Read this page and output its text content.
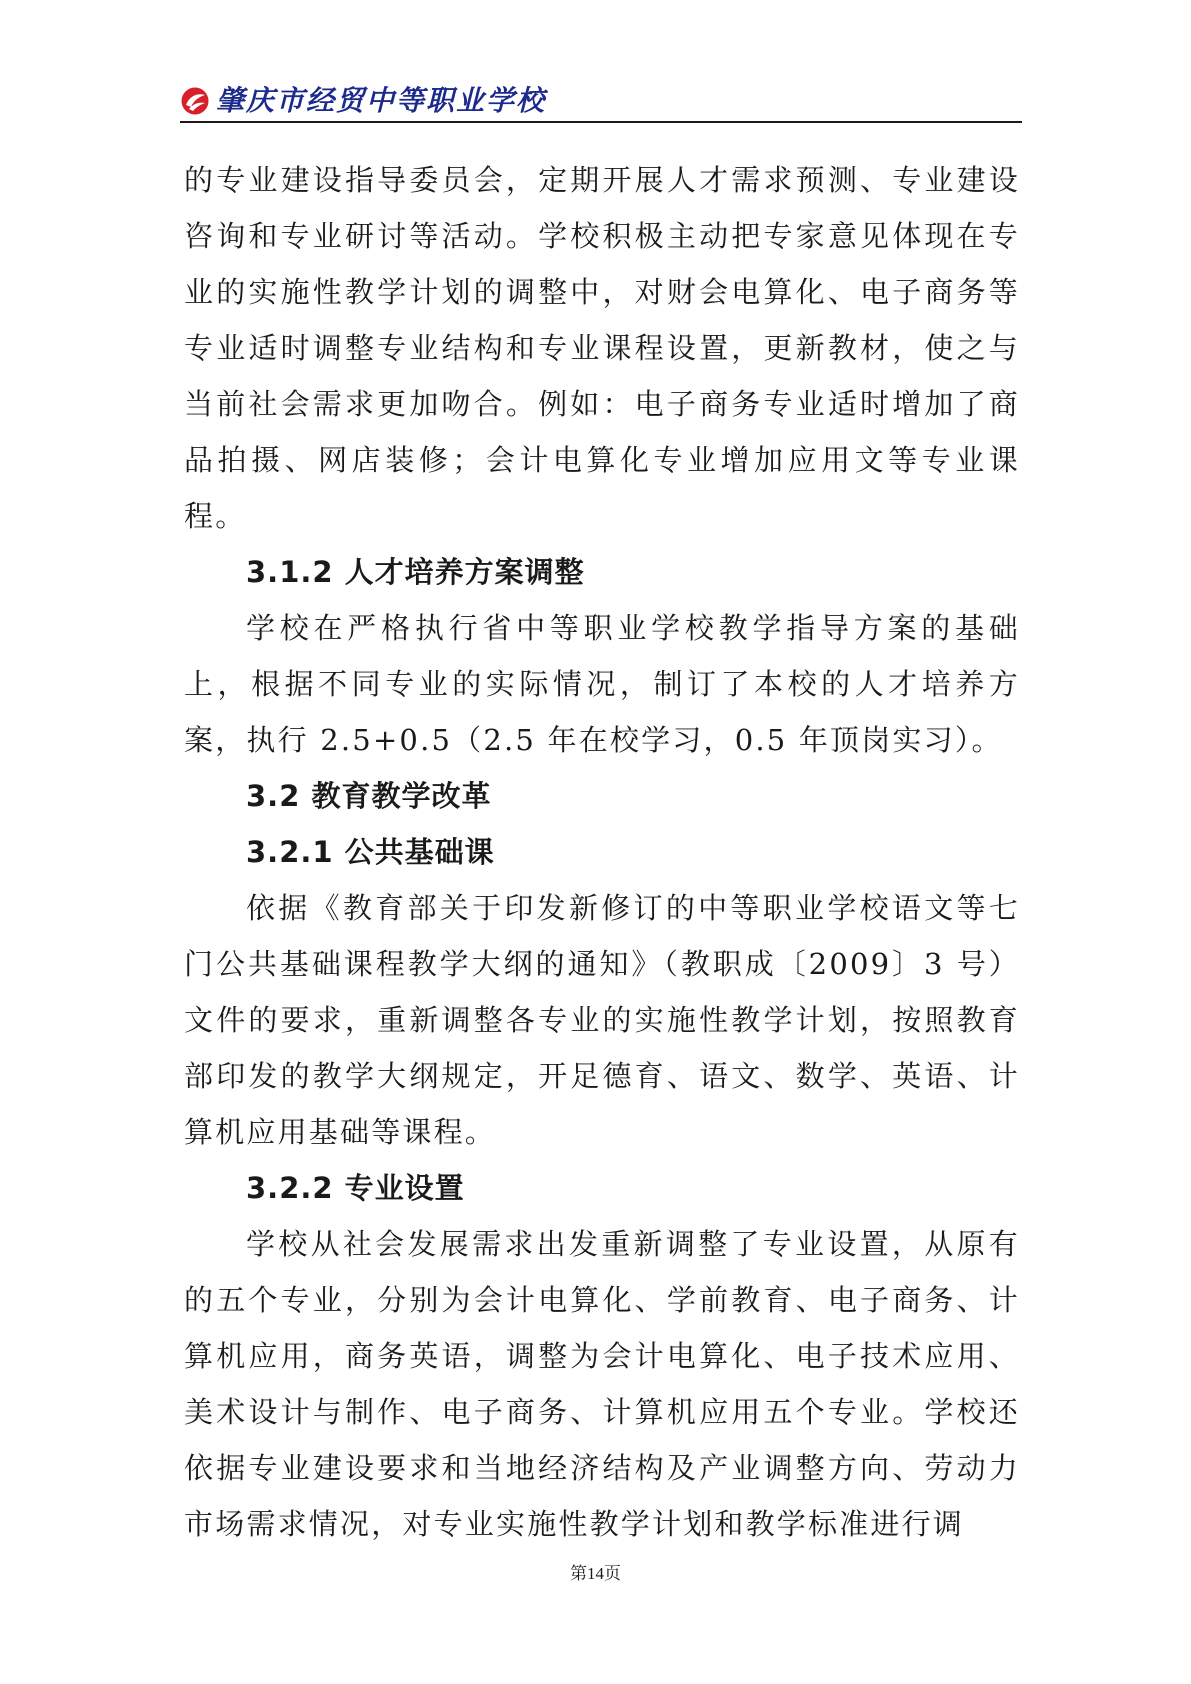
肇庆市经贸中等职业学校

的专业建设指导委员会，定期开展人才需求预测、专业建设咨询和专业研讨等活动。学校积极主动把专家意见体现在专业的实施性教学计划的调整中，对财会电算化、电子商务等专业适时调整专业结构和专业课程设置，更新教材，使之与当前社会需求更加吻合。例如：电子商务专业适时增加了商品拍摄、网店装修；会计电算化专业增加应用文等专业课程。

3.1.2 人才培养方案调整

学校在严格执行省中等职业学校教学指导方案的基础上，根据不同专业的实际情况，制订了本校的人才培养方案，执行 2.5+0.5（2.5 年在校学习，0.5 年顶岗实习）。

3.2 教育教学改革

3.2.1 公共基础课

依据《教育部关于印发新修订的中等职业学校语文等七门公共基础课程教学大纲的通知》（教职成〔2009〕3 号）文件的要求，重新调整各专业的实施性教学计划，按照教育部印发的教学大纲规定，开足德育、语文、数学、英语、计算机应用基础等课程。

3.2.2 专业设置

学校从社会发展需求出发重新调整了专业设置，从原有的五个专业，分别为会计电算化、学前教育、电子商务、计算机应用，商务英语，调整为会计电算化、电子技术应用、美术设计与制作、电子商务、计算机应用五个专业。学校还依据专业建设要求和当地经济结构及产业调整方向、劳动力市场需求情况，对专业实施性教学计划和教学标准进行调

第14页
